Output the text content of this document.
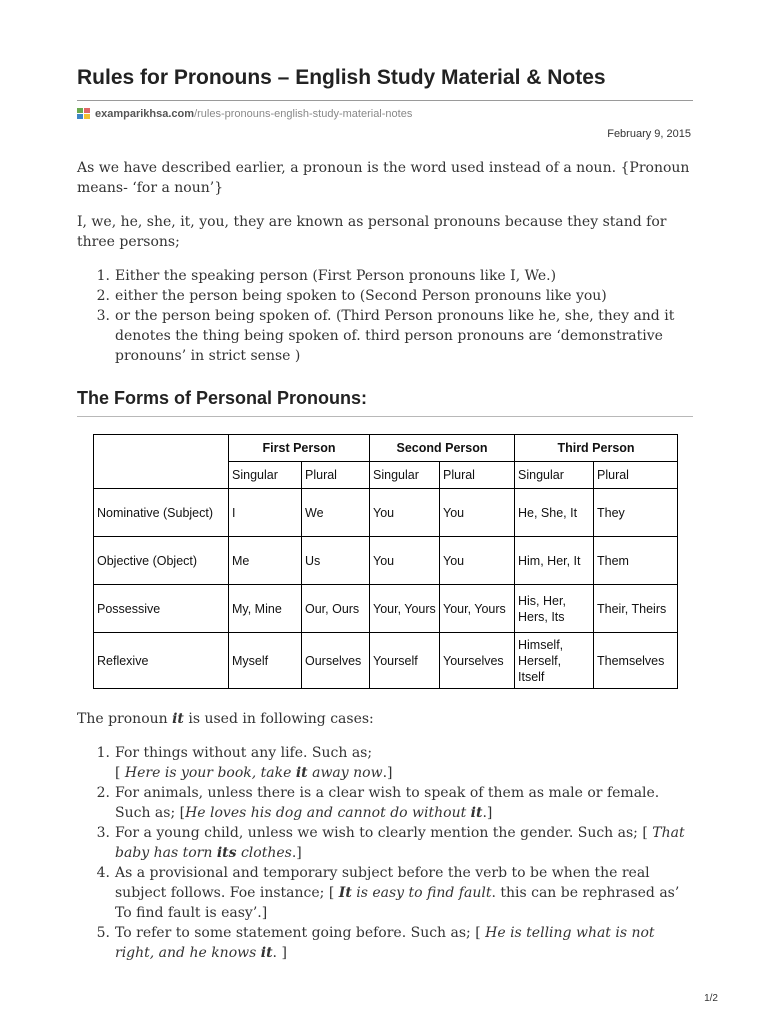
Rules for Pronouns – English Study Material & Notes
examparikhsa.com /rules-pronouns-english-study-material-notes
February 9, 2015

As we have described earlier, a pronoun is the word used instead of a noun. {Pronoun means- ‘for a noun’}

I, we, he, she, it, you, they are known as personal pronouns because they stand for three persons;

1. Either the speaking person (First Person pronouns like I, We.)
2. either the person being spoken to (Second Person pronouns like you)
3. or the person being spoken of. (Third Person pronouns like he, she, they and it denotes the thing being spoken of. third person pronouns are ‘demonstrative pronouns’ in strict sense )
The Forms of Personal Pronouns:
	First Person		Second Person		Third Person	
	Singular	Plural	Singular	Plural	Singular	Plural
Nominative (Subject)	I	We	You	You	He, She, It	They
Objective (Object)	Me	Us	You	You	Him, Her, It	Them
Possessive	My, Mine	Our, Ours	Your, Yours	Your, Yours	His, Her, Hers, Its	Their, Theirs
Reflexive	Myself	Ourselves	Yourself	Yourselves	Himself, Herself, Itself	Themselves

The pronoun it is used in following cases:

1. For things without any life. Such as;
[ Here is your book, take it away now.]
2. For animals, unless there is a clear wish to speak of them as male or female. Such as; [He loves his dog and cannot do without it.]
3. For a young child, unless we wish to clearly mention the gender. Such as; [ That baby has torn its clothes.]
4. As a provisional and temporary subject before the verb to be when the real subject follows. Foe instance; [ It is easy to find fault. this can be rephrased as’ To find fault is easy’.]
5. To refer to some statement going before. Such as; [ He is telling what is not right, and he knows it. ]
1/2
